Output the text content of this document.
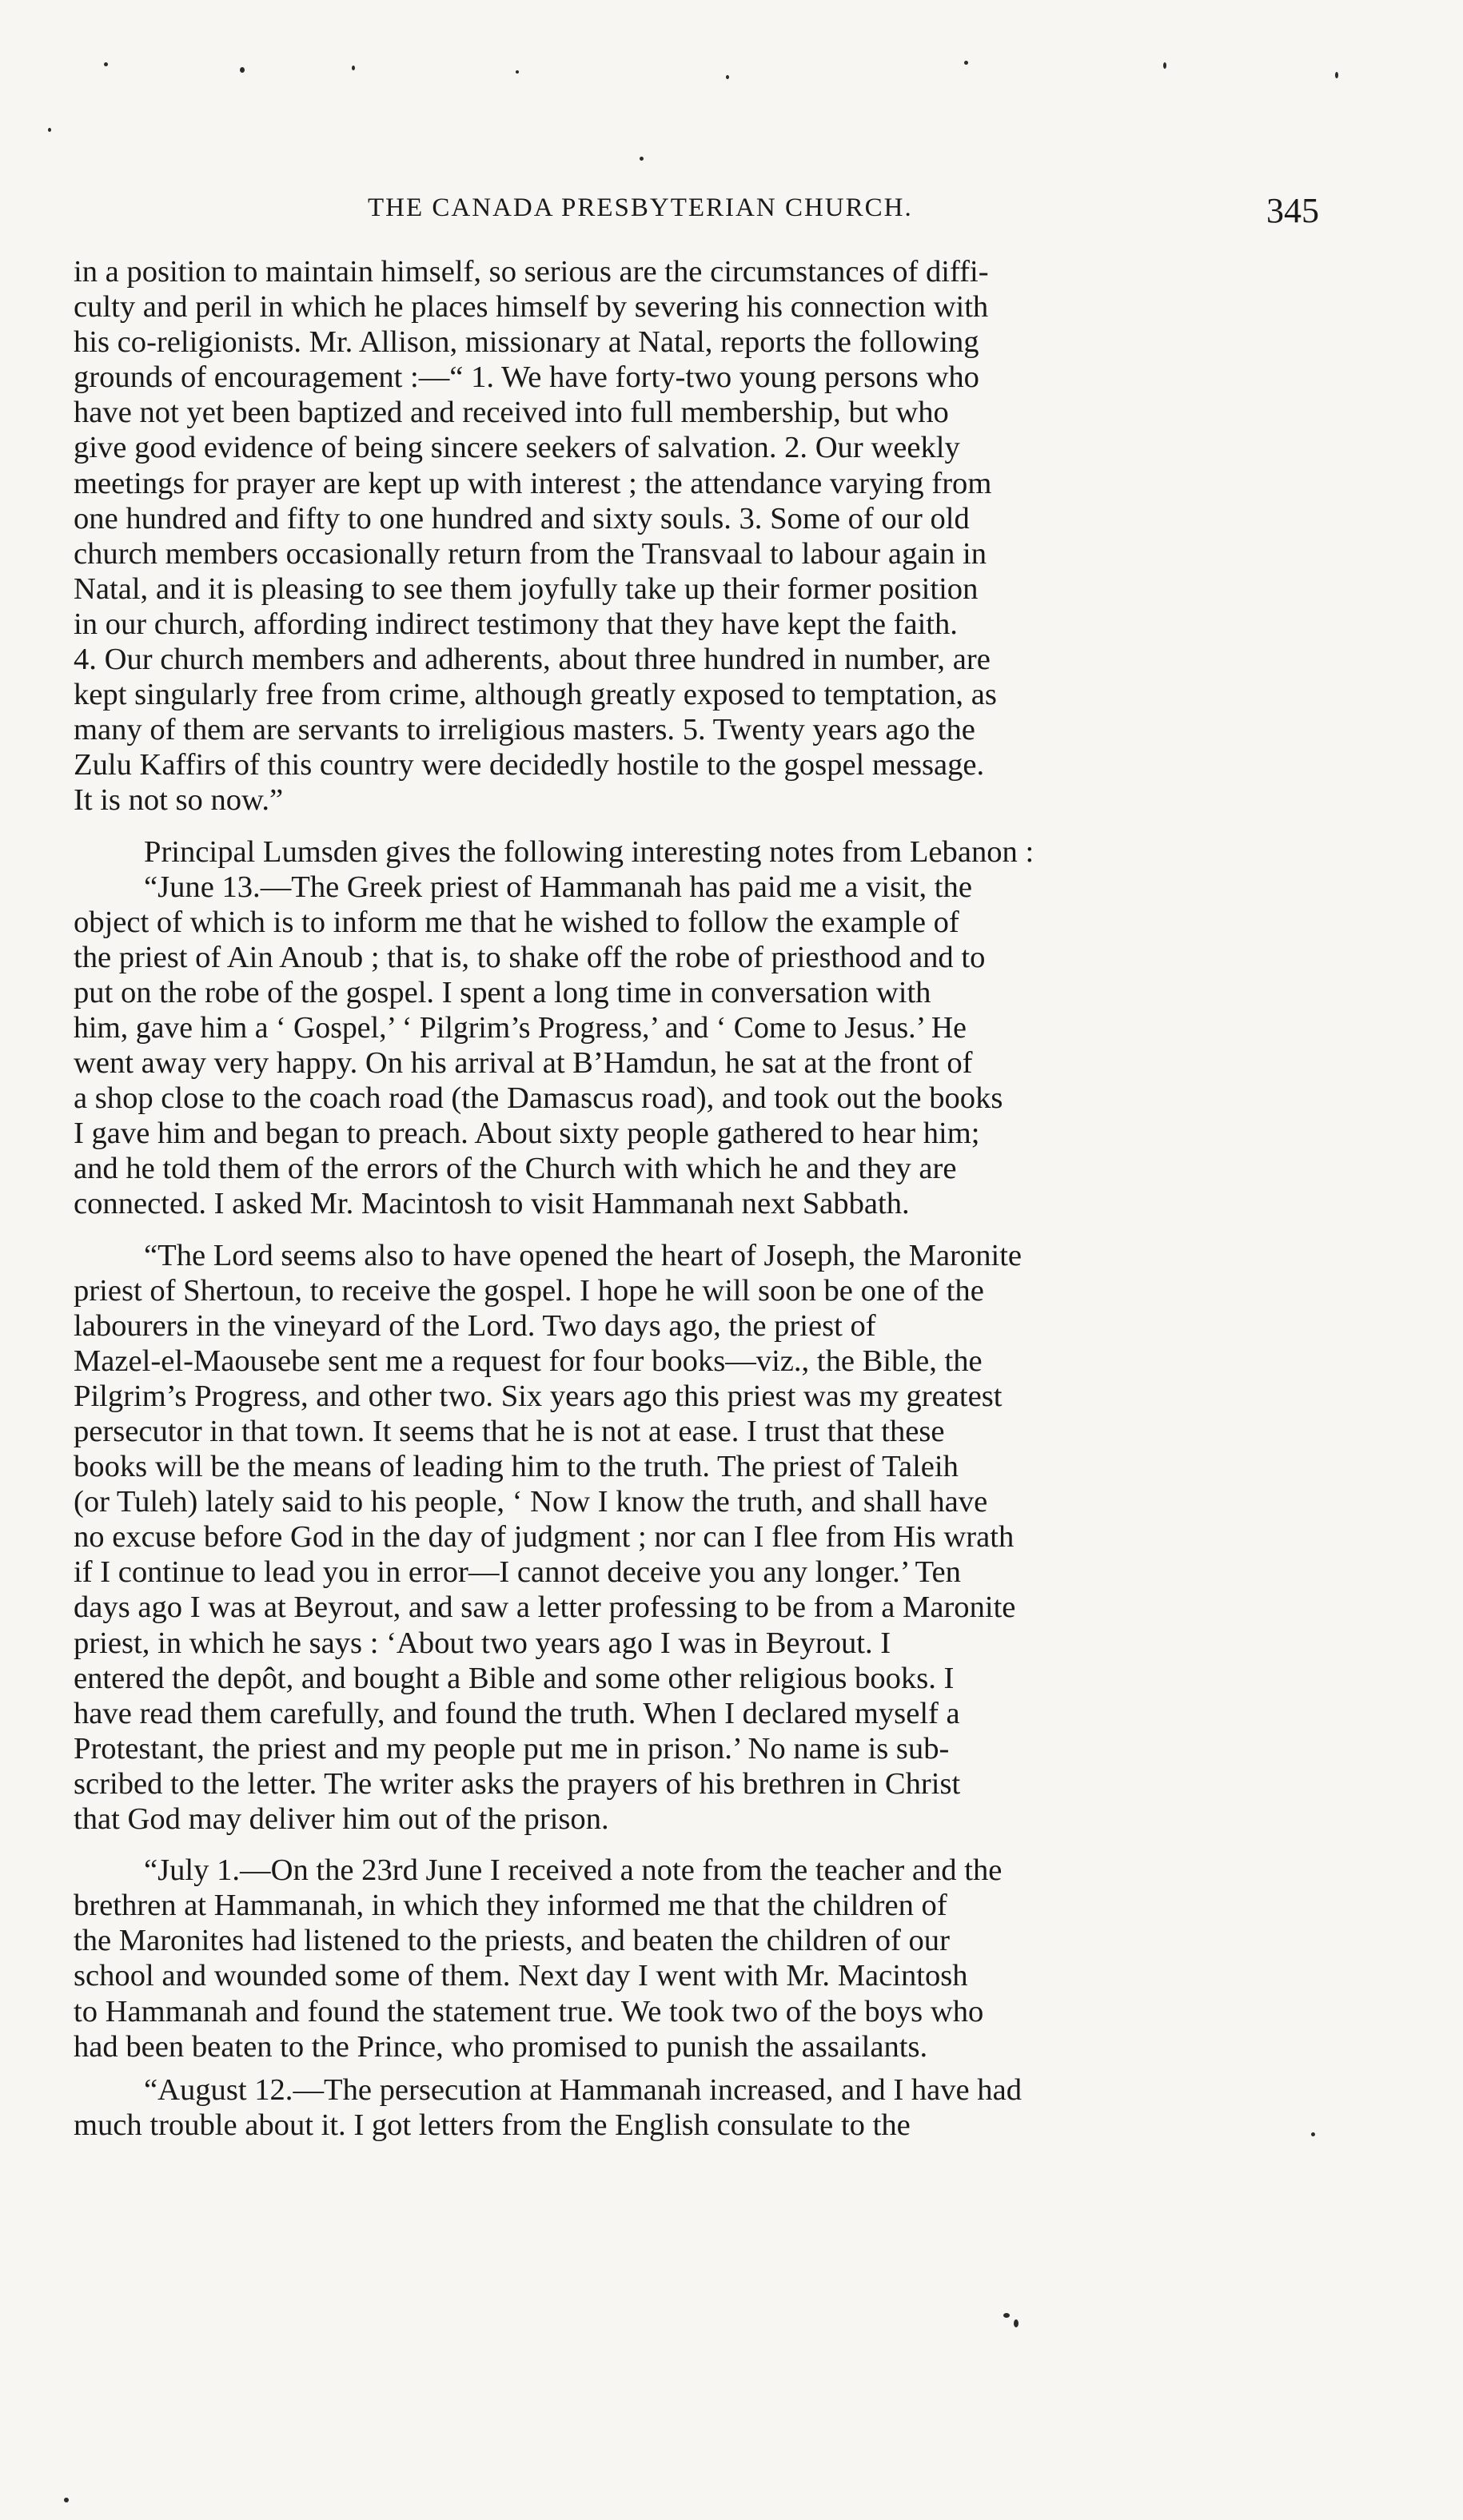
THE CANADA PRESBYTERIAN CHURCH.	345
in a position to maintain himself, so serious are the circumstances of diffi-
culty and peril in which he places himself by severing his connection with
his co-religionists. Mr. Allison, missionary at Natal, reports the following
grounds of encouragement :—“ 1. We have forty-two young persons who
have not yet been baptized and received into full membership, but who
give good evidence of being sincere seekers of salvation. 2. Our weekly
meetings for prayer are kept up with interest ; the attendance varying from
one hundred and fifty to one hundred and sixty souls. 3. Some of our old
church members occasionally return from the Transvaal to labour again in
Natal, and it is pleasing to see them joyfully take up their former position
in our church, affording indirect testimony that they have kept the faith.
4. Our church members and adherents, about three hundred in number, are
kept singularly free from crime, although greatly exposed to temptation, as
many of them are servants to irreligious masters. 5. Twenty years ago the
Zulu Kaffirs of this country were decidedly hostile to the gospel message.
It is not so now.”
Principal Lumsden gives the following interesting notes from Lebanon :
“June 13.—The Greek priest of Hammanah has paid me a visit, the
object of which is to inform me that he wished to follow the example of
the priest of Ain Anoub ; that is, to shake off the robe of priesthood and to
put on the robe of the gospel. I spent a long time in conversation with
him, gave him a ‘ Gospel,’ ‘ Pilgrim’s Progress,’ and ‘ Come to Jesus.’ He
went away very happy. On his arrival at B’Hamdun, he sat at the front of
a shop close to the coach road (the Damascus road), and took out the books
I gave him and began to preach. About sixty people gathered to hear him;
and he told them of the errors of the Church with which he and they are
connected. I asked Mr. Macintosh to visit Hammanah next Sabbath.
“The Lord seems also to have opened the heart of Joseph, the Maronite
priest of Shertoun, to receive the gospel. I hope he will soon be one of the
labourers in the vineyard of the Lord. Two days ago, the priest of
Mazel-el-Maousebe sent me a request for four books—viz., the Bible, the
Pilgrim’s Progress, and other two. Six years ago this priest was my greatest
persecutor in that town. It seems that he is not at ease. I trust that these
books will be the means of leading him to the truth. The priest of Taleih
(or Tuleh) lately said to his people, ‘ Now I know the truth, and shall have
no excuse before God in the day of judgment ; nor can I flee from His wrath
if I continue to lead you in error—I cannot deceive you any longer.’ Ten
days ago I was at Beyrout, and saw a letter professing to be from a Maronite
priest, in which he says : ‘About two years ago I was in Beyrout. I
entered the depôt, and bought a Bible and some other religious books. I
have read them carefully, and found the truth. When I declared myself a
Protestant, the priest and my people put me in prison.’ No name is sub-
scribed to the letter. The writer asks the prayers of his brethren in Christ
that God may deliver him out of the prison.
“July 1.—On the 23rd June I received a note from the teacher and the
brethren at Hammanah, in which they informed me that the children of
the Maronites had listened to the priests, and beaten the children of our
school and wounded some of them. Next day I went with Mr. Macintosh
to Hammanah and found the statement true. We took two of the boys who
had been beaten to the Prince, who promised to punish the assailants.
“August 12.—The persecution at Hammanah increased, and I have had
much trouble about it. I got letters from the English consulate to the
